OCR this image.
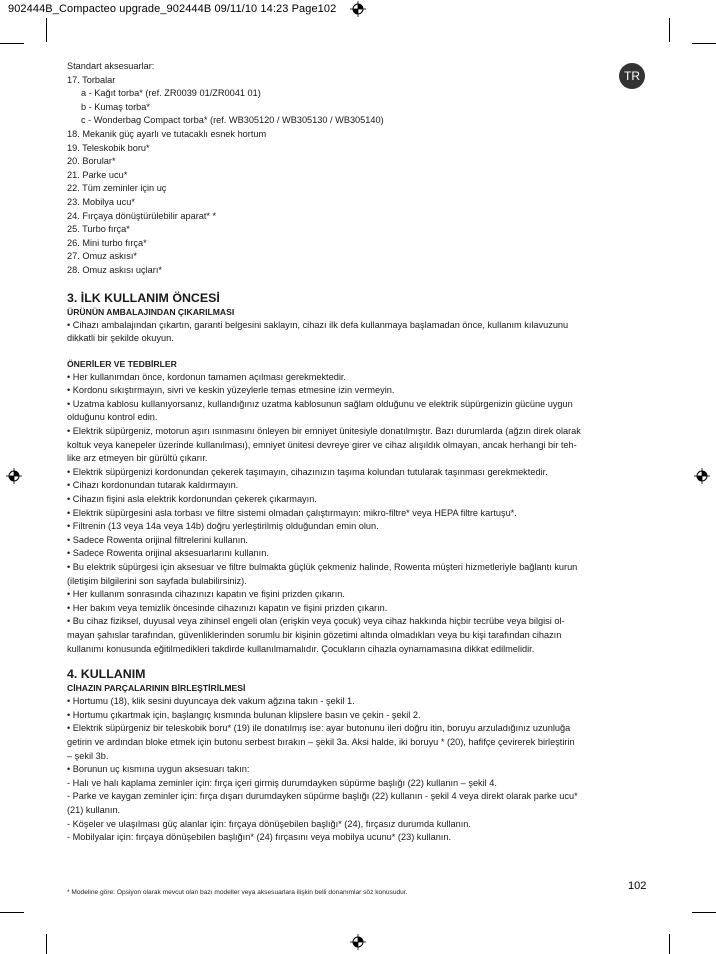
902444B_Compacteo upgrade_902444B 09/11/10 14:23 Page102
TR
Standart aksesuarlar:
17. Torbalar
a - Kağıt torba* (ref. ZR0039 01/ZR0041 01)
b - Kumaş torba*
c - Wonderbag Compact torba* (ref. WB305120 / WB305130 / WB305140)
18. Mekanik güç ayarlı ve tutacaklı esnek hortum
19. Teleskobik boru*
20. Borular*
21. Parke ucu*
22. Tüm zeminler için uç
23. Mobilya ucu*
24. Fırçaya dönüştürülebilir aparat* *
25. Turbo fırça*
26. Mini turbo fırça*
27. Omuz askısı*
28. Omuz askısı uçları*
3. İLK KULLANIM ÖNCESİ
ÜRÜNÜN AMBALAJINDAN ÇIKARILMASI
• Cihazı ambalajından çıkartın, garanti belgesini saklayın, cihazı ilk defa kullanmaya başlamadan önce, kullanım kılavuzunu
dikkatli bir şekilde okuyun.
ÖNERİLER VE TEDBİRLER
• Her kullanımdan önce, kordonun tamamen açılması gerekmektedir.
• Kordonu sıkıştırmayın, sivri ve keskin yüzeylerle temas etmesine izin vermeyin.
• Uzatma kablosu kullanıyorsanız, kullandığınız uzatma kablosunun sağlam olduğunu ve elektrik süpürgenizin gücüne uygun
olduğunu kontrol edin.
• Elektrik süpürgeniz, motorun aşırı ısınmasını önleyen bir emniyet ünitesiyle donatılmıştır. Bazı durumlarda (ağzın direk olarak
koltuk veya kanepeler üzerinde kullanılması), emniyet ünitesi devreye girer ve cihaz alışıldık olmayan, ancak herhangi bir teh-
like arz etmeyen bir gürültü çıkarır.
• Elektrik süpürgenizi kordonundan çekerek taşımayın, cihazınızın taşıma kolundan tutularak taşınması gerekmektedir.
• Cihazı kordonundan tutarak kaldırmayın.
• Cihazın fişini asla elektrik kordonundan çekerek çıkarmayın.
• Elektrik süpürgesini asla torbası ve filtre sistemi olmadan çalıştırmayın: mikro-filtre* veya HEPA filtre kartuşu*.
• Filtrenin (13 veya 14a veya 14b) doğru yerleştirilmiş olduğundan emin olun.
• Sadece Rowenta orijinal filtrelerini kullanın.
• Sadece Rowenta orijinal aksesuarlarını kullanın.
• Bu elektrik süpürgesi için aksesuar ve filtre bulmakta güçlük çekmeniz halinde, Rowenta müşteri hizmetleriyle bağlantı kurun
(iletişim bilgilerini son sayfada bulabilirsiniz).
• Her kullanım sonrasında cihazınızı kapatın ve fişini prizden çıkarın.
• Her bakım veya temizlik öncesinde cihazınızı kapatın ve fişini prizden çıkarın.
• Bu cihaz fiziksel, duyusal veya zihinsel engeli olan (erişkin veya çocuk) veya cihaz hakkında hiçbir tecrübe veya bilgisi ol-
mayan şahıslar tarafından, güvenliklerinden sorumlu bir kişinin gözetimi altında olmadıkları veya bu kişi tarafından cihazın
kullanımı konusunda eğitilmedikleri takdirde kullanılmamalıdır. Çocukların cihazla oynamamasına dikkat edilmelidir.
4. KULLANIM
CİHAZIN PARÇALARININ BİRLEŞTİRİLMESİ
• Hortumu (18), klik sesini duyuncaya dek vakum ağzına takın - şekil 1.
• Hortumu çıkartmak için, başlangıç kısmında bulunan klipslere basın ve çekin - şekil 2.
• Elektrik süpürgeniz bir teleskobik boru* (19) ile donatılmış ise: ayar butonunu ileri doğru itin, boruyu arzuladığınız uzunluğa
getirin ve ardından bloke etmek için butonu serbest bırakın – şekil 3a. Aksi halde, iki boruyu * (20), hafifçe çevirerek birleştirin
– şekil 3b.
• Borunun uç kısmına uygun aksesuarı takın:
- Halı ve halı kaplama zeminler için: fırça içeri girmiş durumdayken süpürme başlığı (22) kullanın – şekil 4.
- Parke ve kaygan zeminler için: fırça dışarı durumdayken süpürme başlığı (22) kullanın - şekil 4 veya direkt olarak parke ucu*
(21) kullanın.
- Köşeler ve ulaşılması güç alanlar için: fırçaya dönüşebilen başlığı* (24), fırçasız durumda kullanın.
- Mobilyalar için: fırçaya dönüşebilen başlığın* (24) fırçasını veya mobilya ucunu* (23) kullanın.
102
* Modeline göre: Opsiyon olarak mevcut olan bazı modeller veya aksesuarlara ilişkin belli donanımlar söz konusudur.
